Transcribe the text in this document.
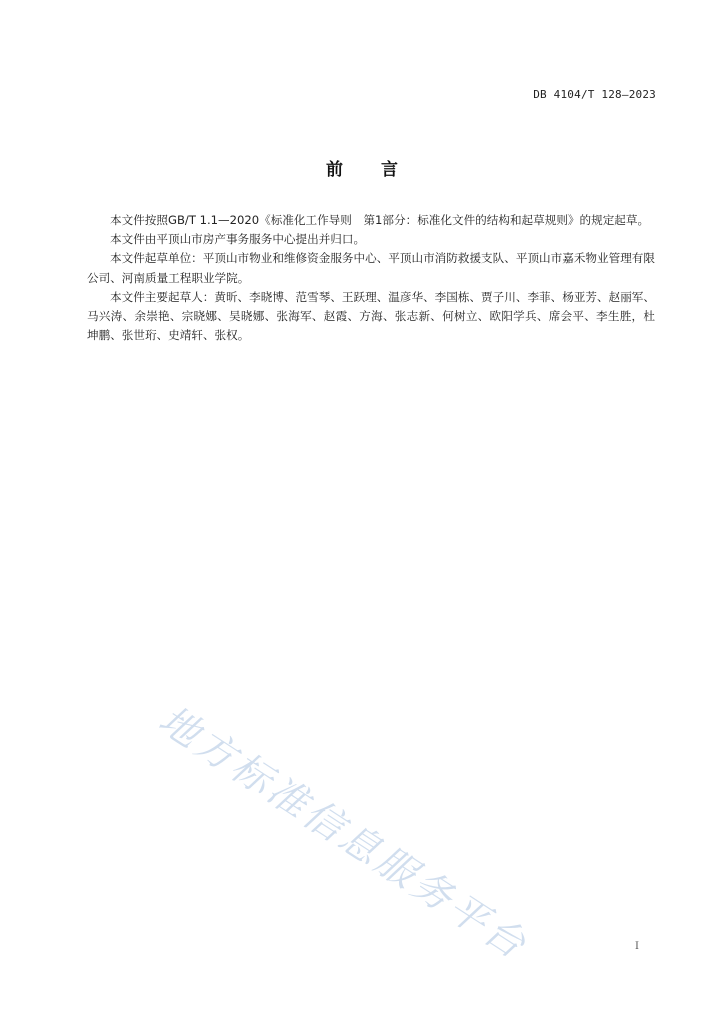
DB 4104/T 128—2023
前言

本文件按照GB/T 1.1—2020《标准化工作导则　第1部分：标准化文件的结构和起草规则》的规定起草。

本文件由平顶山市房产事务服务中心提出并归口。

本文件起草单位：平顶山市物业和维修资金服务中心、平顶山市消防救援支队、平顶山市嘉禾物业管理有限公司、河南质量工程职业学院。

本文件主要起草人：黄昕、李晓博、范雪琴、王跃理、温彦华、李国栋、贾子川、李菲、杨亚芳、赵丽军、马兴涛、余崇艳、宗晓娜、吴晓娜、张海军、赵霞、方海、张志新、何树立、欧阳学兵、席会平、李生胜，杜坤鹏、张世珩、史靖轩、张权。

地方标准信息服务平台	I
